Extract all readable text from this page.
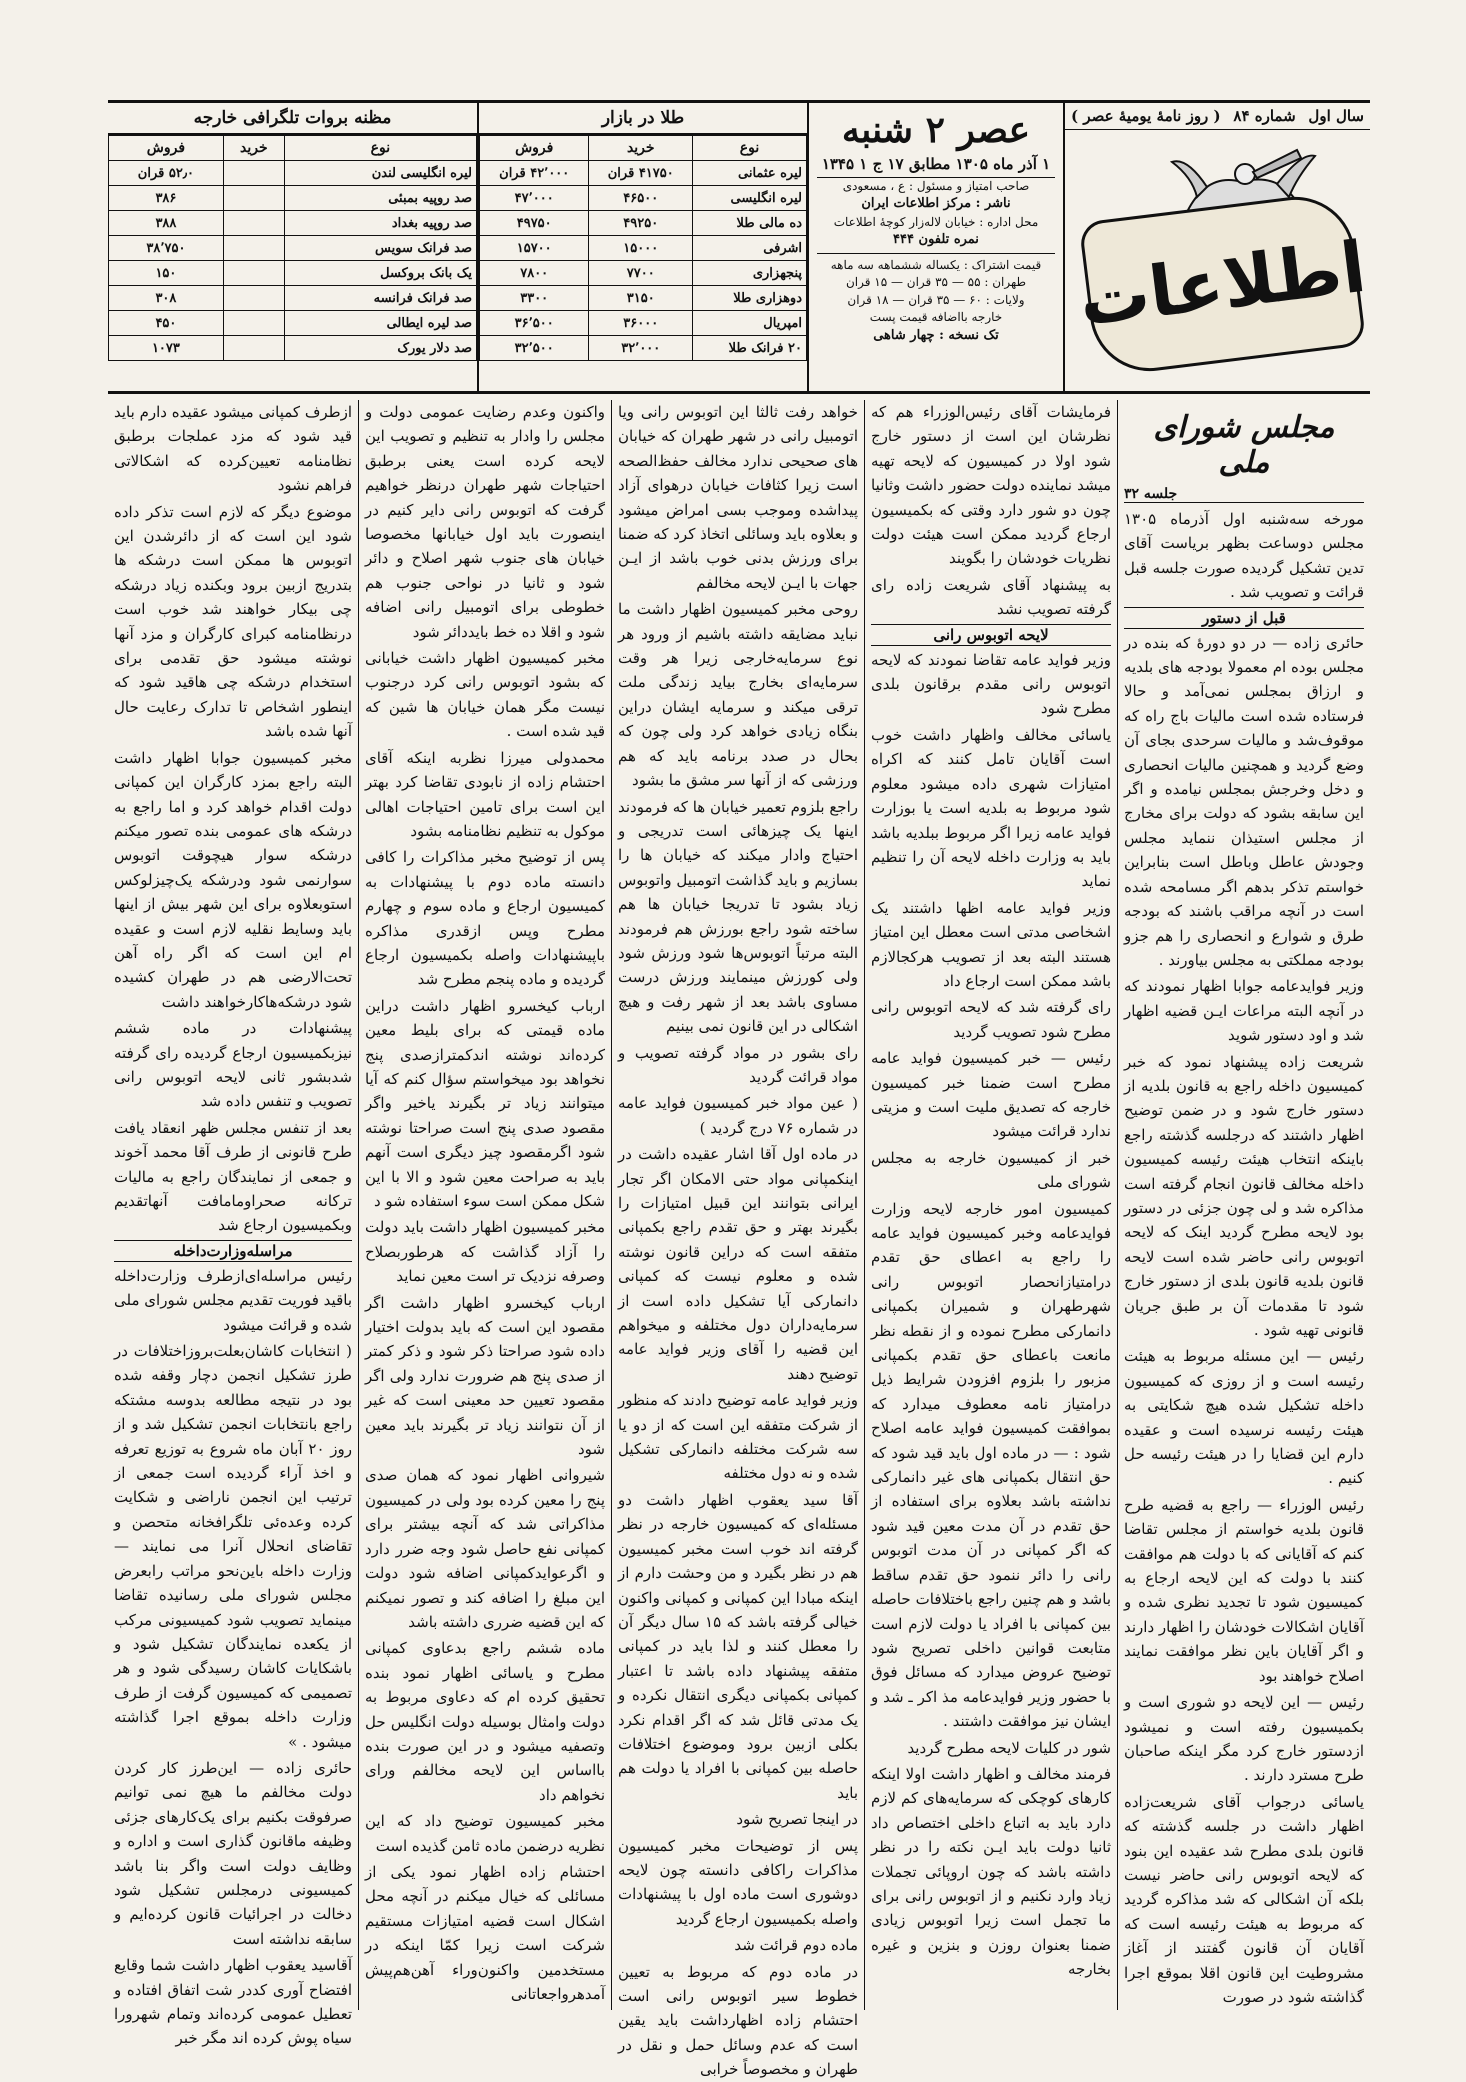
سال اول
شماره ۸۴
( روز نامهٔ یومیهٔ عصر )
اطلاعات
عصر ۲ شنبه
۱ آذر ماه ۱۳۰۵ مطابق ۱۷ ج ۱ ۱۳۴۵
صاحب امتیاز و مسئول : ع ، مسعودی
ناشر : مرکز اطلاعات ایران
محل اداره : خیابان لاله‌زار کوچهٔ اطلاعات
نمره تلفون ۴۴۴
قیمت اشتراک : یکساله ششماهه سه ماهه
طهران : ۵۵ — ۳۵ قران — ۱۵ قران
ولایات : ۶۰ — ۳۵ قران — ۱۸ قران
خارجه بااضافه قیمت پست
تک نسخه : چهار شاهی
طلا در بازار
نوع	خرید	فروش
لیره عثمانی	۴۱۷۵۰ قران	۴۲٬۰۰۰ قران
لیره انگلیسی	۴۶۵۰۰	۴۷٬۰۰۰
ده مالی طلا	۴۹۲۵۰	۴۹۷۵۰
اشرفی	۱۵۰۰۰	۱۵۷۰۰
پنجهزاری	۷۷۰۰	۷۸۰۰
دوهزاری طلا	۳۱۵۰	۳۳۰۰
امپریال	۳۶۰۰۰	۳۶٬۵۰۰
۲۰ فرانک طلا	۳۲٬۰۰۰	۳۲٬۵۰۰
مظنه بروات تلگرافی خارجه
نوع	خرید	فروش
لیره انگلیسی لندن		۵۲٫۰ قران
صد روپیه بمبئی		۳۸۶
صد روپیه بغداد		۳۸۸
صد فرانک سویس		۳۸٬۷۵۰
یک بانک بروکسل		۱۵۰
صد فرانک فرانسه		۳۰۸
صد لیره ایطالی		۴۵۰
صد دلار یورک		۱۰۷۳
مجلس شورای ملی
جلسه ۳۲

مورخه سه‌شنبه اول آذرماه ۱۳۰۵ مجلس دوساعت بظهر بریاست آقای تدین تشکیل گردیده صورت جلسه قبل قرائت و تصویب شد .

قبل از دستور

حائری زاده — در دو دورهٔ که بنده در مجلس بوده ام معمولا بودجه های بلدیه و ارزاق بمجلس نمی‌آمد و حالا فرستاده شده است مالیات باج راه که موقوف‌شد و مالیات سرحدی بجای آن وضع گردید و همچنین مالیات انحصاری و دخل وخرجش بمجلس نیامده و اگر این سابقه بشود که دولت برای مخارج از مجلس استیذان ننماید مجلس وجودش عاطل وباطل است بنابراین خواستم تذکر بدهم اگر مسامحه شده است در آنچه مراقب باشند که بودجه طرق و شوارع و انحصاری را هم جزو بودجه مملکتی به مجلس بیاورند .

وزیر فوایدعامه جوابا اظهار نمودند که در آنچه البته مراعات ایـن قضیه اظهار شد و اود دستور شوید

شریعت زاده پیشنهاد نمود که خبر کمیسیون داخله راجع به قانون بلدیه از دستور خارج شود و در ضمن توضیح اظهار داشتند که درجلسه گذشته راجع باینکه انتخاب هیئت رئیسه کمیسیون داخله مخالف قانون انجام گرفته است مذاکره شد و لی چون جزئی در دستور بود لایحه مطرح گردید اینک که لایحه اتوبوس رانی حاضر شده است لایحه قانون بلدیه قانون بلدی از دستور خارج شود تا مقدمات آن بر طبق جریان قانونی تهیه شود .

رئیس — این مسئله مربوط به هیئت رئیسه است و از روزی که کمیسیون داخله تشکیل شده هیچ شکایتی به هیئت رئیسه نرسیده است و عقیده دارم این قضایا را در هیئت رئیسه حل کنیم .

رئیس الوزراء — راجع به قضیه طرح قانون بلدیه خواستم از مجلس تقاضا کنم که آقایانی که با دولت هم موافقت کنند با دولت که این لایحه ارجاع به کمیسیون شود تا تجدید نظری شده و آقایان اشکالات خودشان را اظهار دارند و اگر آقایان باین نظر موافقت نمایند اصلاح خواهند بود

رئیس — این لایحه دو شوری است و بکمیسیون رفته است و نمیشود ازدستور خارج کرد مگر اینکه صاحبان طرح مسترد دارند .

یاسائی درجواب آقای شریعت‌زاده اظهار داشت در جلسه گذشته که قانون بلدی مطرح شد عقیده این بنود که لایحه اتوبوس رانی حاضر نیست بلکه آن اشکالی که شد مذاکره گردید که مربوط به هیئت رئیسه است که آقایان آن قانون گفتند از آغاز مشروطیت این قانون اقلا بموقع اجرا گذاشته شود در صورت

فرمایشات آقای رئیس‌الوزراء هم که نظرشان این است از دستور خارج شود اولا در کمیسیون که لایحه تهیه میشد نماینده دولت حضور داشت وثانیا چون دو شور دارد وقتی که بکمیسیون ارجاع گردید ممکن است هیئت دولت نظریات خودشان را بگویند

به پیشنهاد آقای شریعت زاده رای گرفته تصویب نشد

لایحه اتوبوس رانی

وزیر فواید عامه تقاضا نمودند که لایحه اتوبوس رانی مقدم برقانون بلدی مطرح شود

یاسائی مخالف واظهار داشت خوب است آقایان تامل کنند که اکراه امتیازات شهری داده میشود معلوم شود مربوط به بلدیه است یا بوزارت فواید عامه زیرا اگر مربوط ببلدیه باشد باید به وزارت داخله لایحه آن را تنظیم نماید

وزیر فواید عامه اظها داشتند یک اشخاصی مدتی است معطل این امتیاز هستند البته بعد از تصویب هرکجالازم باشد ممکن است ارجاع داد

رای گرفته شد که لایحه اتوبوس رانی مطرح شود تصویب گردید

رئیس — خبر کمیسیون فواید عامه مطرح است ضمنا خبر کمیسیون خارجه که تصدیق ملیت است و مزیتی ندارد قرائت میشود

خبر از کمیسیون خارجه به مجلس شورای ملی

کمیسیون امور خارجه لایحه وزارت فوایدعامه وخبر کمیسیون فواید عامه را راجع به اعطای حق تقدم درامتیازانحصار اتوبوس رانی شهرطهران و شمیران بکمپانی دانمارکی مطرح نموده و از نقطه نظر مانعت باعطای حق تقدم بکمپانی مزبور را بلزوم افزودن شرایط ذیل درامتیاز نامه معطوف میدارد که بموافقت کمیسیون فواید عامه اصلاح شود : — در ماده اول باید قید شود که حق انتقال بکمپانی های غیر دانمارکی نداشته باشد بعلاوه برای استفاده از حق تقدم در آن مدت معین قید شود که اگر کمپانی در آن مدت اتوبوس رانی را دائر ننمود حق تقدم ساقط باشد و هم چنین راجع باختلافات حاصله بین کمپانی با افراد یا دولت لازم است متابعت قوانین داخلی تصریح شود توضیح عروض میدارد که مسائل فوق با حضور وزیر فوایدعامه مذ اکر ـ شد و ایشان نیز موافقت داشتند .

شور در کلیات لایحه مطرح گردید

فرمند مخالف و اظهار داشت اولا اینکه کارهای کوچکی که سرمایه‌های کم لازم دارد باید به اتباع داخلی اختصاص داد ثانیا دولت باید ایـن نکته را در نظر داشته باشد که چون اروپائی تجملات زیاد وارد نکنیم و از اتوبوس رانی برای ما تجمل است زیرا اتوبوس زیادی ضمنا بعنوان روزن و بنزین و غیره بخارجه

خواهد رفت ثالثا این اتوبوس رانی ویا اتومبیل رانی در شهر طهران که خیابان های صحیحی ندارد مخالف حفظ‌الصحه است زیرا کثافات خیابان درهوای آزاد پیداشده وموجب بسی امراض میشود و بعلاوه باید وسائلی اتخاذ کرد که ضمنا برای ورزش بدنی خوب باشد از ایـن جهات با ایـن لایحه مخالفم

روحی مخبر کمیسیون اظهار داشت ما نباید مضایقه داشته باشیم از ورود هر نوع سرمایه‌خارجی زیرا هر وقت سرمایه‌ای بخارج بیاید زندگی ملت ترقی میکند و سرمایه ایشان دراین بنگاه زیادی خواهد کرد ولی چون که بحال در صدد برنامه باید که هم ورزشی که از آنها سر مشق ما بشود

راجع بلزوم تعمیر خیابان ها که فرمودند اینها یک چیزهائی است تدریجی و احتیاج وادار میکند که خیابان ها را بسازیم و باید گذاشت اتومبیل واتوبوس زیاد بشود تا تدریجا خیابان ها هم ساخته شود راجع بورزش هم فرمودند البته مرتباً اتوبوس‌ها شود ورزش شود ولی کورزش مینمایند ورزش درست مساوی باشد بعد از شهر رفت و هیچ اشکالی در این قانون نمی بینیم

رای بشور در مواد گرفته تصویب و مواد قرائت گردید

( عین مواد خبر کمیسیون فواید عامه در شماره ۷۶ درج گردید )

در ماده اول آقا اشار عقیده داشت در اینکمپانی مواد حتی الامکان اگر تجار ایرانی بتوانند این قبیل امتیازات را بگیرند بهتر و حق تقدم راجع بکمپانی متفقه است که دراین قانون نوشته شده و معلوم نیست که کمپانی دانمارکی آیا تشکیل داده است از سرمایه‌داران دول مختلفه و میخواهم این قضیه را آقای وزیر فواید عامه توضیح دهند

وزیر فواید عامه توضیح دادند که منظور از شرکت متفقه این است که از دو یا سه شرکت مختلفه دانمارکی تشکیل شده و نه دول مختلفه

آقا سید یعقوب اظهار داشت دو مسئله‌ای که کمیسیون خارجه در نظر گرفته اند خوب است مخبر کمیسیون هم در نظر بگیرد و من وحشت دارم از اینکه مبادا این کمپانی و کمپانی واکنون خیالی گرفته باشد که ۱۵ سال دیگر آن را معطل کنند و لذا باید در کمپانی متفقه پیشنهاد داده باشد تا اعتبار کمپانی بکمپانی دیگری انتقال نکرده و یک مدتی قائل شد که اگر اقدام نکرد بکلی ازبین برود وموضوع اختلافات حاصله بین کمپانی با افراد یا دولت هم باید

در اینجا تصریح شود

پس از توضیحات مخبر کمیسیون مذاکرات راکافی دانسته چون لایحه دوشوری است ماده اول با پیشنهادات واصله بکمیسیون ارجاع گردید

ماده دوم قرائت شد

در ماده دوم که مربوط به تعیین خطوط سیر اتوبوس رانی است احتشام زاده اظهارداشت باید یقین است که عدم وسائل حمل و نقل در طهران و مخصوصاً خرابی

واکنون وعدم رضایت عمومی دولت و مجلس را وادار به تنظیم و تصویب این لایحه کرده است یعنی برطبق احتیاجات شهر طهران درنظر خواهیم گرفت که اتوبوس رانی دایر کنیم در اینصورت باید اول خیابانها مخصوصا خیابان های جنوب شهر اصلاح و دائر شود و ثانیا در نواحی جنوب هم خطوطی برای اتومبیل رانی اضافه شود و اقلا ده خط بایددائر شود

مخبر کمیسیون اظهار داشت خیابانی که بشود اتوبوس رانی کرد درجنوب نیست مگر همان خیابان ها شین که قید شده است .

محمدولی میرزا نظربه اینکه آقای احتشام زاده از نابودی تقاضا کرد بهتر این است برای تامین احتیاجات اهالی موکول به تنظیم نظامنامه بشود

پس از توضیح مخبر مذاکرات را کافی دانسته ماده دوم با پیشنهادات به کمیسیون ارجاع و ماده سوم و چهارم مطرح وپس ازقدری مذاکره باپیشنهادات واصله بکمیسیون ارجاع گردیده و ماده پنجم مطرح شد

ارباب کیخسرو اظهار داشت دراین ماده قیمتی که برای بلیط معین کرده‌اند نوشته اندکمترازصدی پنج نخواهد بود میخواستم سؤال کنم که آیا میتوانند زیاد تر بگیرند یاخیر واگر مقصود صدی پنج است صراحتا نوشته شود اگرمقصود چیز دیگری است آنهم باید به صراحت معین شود و الا با این شکل ممکن است سوء استفاده شو د

مخبر کمیسیون اظهار داشت باید دولت را آزاد گذاشت که هرطوربصلاح وصرفه نزدیک تر است معین نماید

ارباب کیخسرو اظهار داشت اگر مقصود این است که باید بدولت اختیار داده شود صراحتا ذکر شود و ذکر کمتر از صدی پنج هم ضرورت ندارد ولی اگر مقصود تعیین حد معینی است که غیر از آن نتوانند زیاد تر بگیرند باید معین شود

شیروانی اظهار نمود که همان صدی پنج را معین کرده بود ولی در کمیسیون مذاکراتی شد که آنچه بیشتر برای کمپانی نفع حاصل شود وجه ضرر دارد و اگرعوایدکمپانی اضافه شود دولت این مبلغ را اضافه کند و تصور نمیکنم که این قضیه ضرری داشته باشد

ماده ششم راجع بدعاوی کمپانی مطرح و یاسائی اظهار نمود بنده تحقیق کرده ام که دعاوی مربوط به دولت وامثال بوسیله دولت انگلیس حل وتصفیه میشود و در این صورت بنده بااساس این لایحه مخالفم ورای نخواهم داد

مخبر کمیسیون توضیح داد که این نظریه درضمن ماده ثامن گذیده است

احتشام زاده اظهار نمود یکی از مسائلی که خیال میکنم در آنچه محل اشکال است قضیه امتیازات مستقیم شرکت است زیرا کمّا اینکه در مستخدمین واکنون‌وراء آهن‌هم‌پیش آمدهرواجعاتانی

ازطرف کمپانی میشود عقیده دارم باید قید شود که مزد عملجات برطبق نظامنامه تعیین‌کرده که اشکالاتی فراهم نشود

موضوع دیگر که لازم است تذکر داده شود این است که از دائرشدن این اتوبوس ها ممکن است درشکه ها بتدریج ازبین برود وبکنده زیاد درشکه چی بیکار خواهند شد خوب است درنظامنامه کبرای کارگران و مزد آنها نوشته میشود حق تقدمی برای استخدام درشکه چی هاقید شود که اینطور اشخاص تا تدارک رعایت حال آنها شده باشد

مخبر کمیسیون جوابا اظهار داشت البته راجع بمزد کارگران این کمپانی دولت اقدام خواهد کرد و اما راجع به درشکه های عمومی بنده تصور میکنم درشکه سوار هیچوقت اتوبوس سوارنمی شود ودرشکه یک‌چیزلوکس استوبعلاوه برای این شهر بیش از اینها باید وسایط نقلیه لازم است و عقیده ام این است که اگر راه آهن تحت‌الارضی هم در طهران کشیده شود درشکه‌هاکارخواهند داشت

پیشنهادات در ماده ششم نیزبکمیسیون ارجاع گردیده رای گرفته شدبشور ثانی لایحه اتوبوس رانی تصویب و تنفس داده شد

بعد از تنفس مجلس ظهر انعقاد یافت طرح قانونی از طرف آقا محمد آخوند و جمعی از نمایندگان راجع به مالیات ترکانه صحراومامافت آنهاتقدیم وبکمیسیون ارجاع شد

مراسله‌وزارت‌داخله

رئیس مراسله‌ای‌ازطرف وزارت‌داخله باقید فوریت تقدیم مجلس شورای ملی شده و قرائت میشود

( انتخابات کاشان‌بعلت‌بروز‌اختلافات در طرز تشکیل انجمن دچار وقفه شده بود در نتیجه مطالعه بدوسه مشتکه راجع بانتخابات انجمن تشکیل شد و از روز ۲۰ آبان ماه شروع به توزیع تعرفه و اخذ آراء گردیده است جمعی از ترتیب این انجمن ناراضی و شکایت کرده وعده‌ئی تلگرافخانه متحصن و تقاضای انحلال آنرا می نمایند — وزارت داخله باین‌نحو مراتب رابعرض مجلس شورای ملی رسانیده تقاضا مینماید تصویب شود کمیسیونی مرکب از یکعده نمایندگان تشکیل شود و باشکایات کاشان رسیدگی شود و هر تصمیمی که کمیسیون گرفت از طرف وزارت داخله بموقع اجرا گذاشته میشود . »

حائری زاده — این‌طرز کار کردن دولت مخالفم ما هیچ نمی توانیم صرفوقت بکنیم برای یک‌کارهای جزئی وظیفه ماقانون گذاری است و اداره و وظایف دولت است واگر بنا باشد کمیسیونی درمجلس تشکیل شود دخالت در اجرائیات قانون کرده‌ایم و سابقه نداشته است

آقاسید یعقوب اظهار داشت شما وقایع افتضاح آوری کددر شت اتفاق افتاده و تعطیل عمومی کرده‌اند وتمام شهرورا سیاه پوش کرده اند مگر خبر
